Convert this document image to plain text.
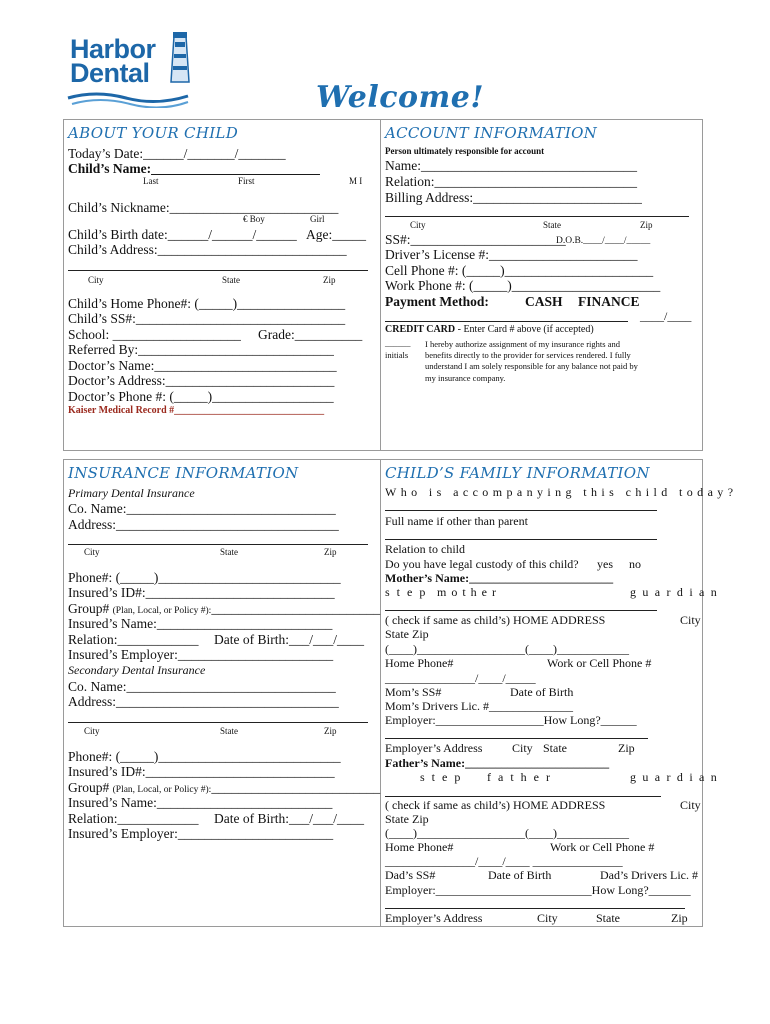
Harbor
Dental
Welcome!
ABOUT YOUR CHILD
Today’s Date:______/_______/_______
Child’s Name:_________________________
Last	First	M I
Child’s Nickname:_________________________
€ Boy	Girl
Child’s Birth date:______/______/______ Age:_____
Child’s Address:____________________________
City	State	Zip
Child’s Home Phone#: (_____)________________
Child’s SS#:_______________________________
School: ___________________ Grade:__________
Referred By:_____________________________
Doctor’s Name:___________________________
Doctor’s Address:_________________________
Doctor’s Phone #: (_____)__________________
Kaiser Medical Record #______________________________
ACCOUNT INFORMATION
Person ultimately responsible for account
Name:________________________________
Relation:______________________________
Billing Address:_________________________
City	State	Zip
SS#:_______________________
D.O.B.____/____/_____
Driver’s License #:______________________
Cell Phone #: (_____)______________________
Work Phone #: (_____)______________________
Payment Method:	CASH FINANCE
____/____
CREDIT CARD - Enter Card # above (if accepted)
______
initials
I hereby authorize assignment of my insurance rights and
benefits directly to the provider for services rendered. I fully
understand I am solely responsible for any balance not paid by
my insurance company.
INSURANCE INFORMATION
Primary Dental Insurance
Co. Name:_______________________________
Address:_________________________________
City	State	Zip
Phone#: (_____)___________________________
Insured’s ID#:____________________________
Group# (Plan, Local, or Policy #):_________________________
Insured’s Name:__________________________
Relation:____________ Date of Birth:___/___/____
Insured’s Employer:_______________________
Secondary Dental Insurance
Co. Name:_______________________________
Address:_________________________________
City	State	Zip
Phone#: (_____)___________________________
Insured’s ID#:____________________________
Group# (Plan, Local, or Policy #):_________________________
Insured’s Name:__________________________
Relation:____________ Date of Birth:___/___/____
Insured’s Employer:_______________________
CHILD’S FAMILY INFORMATION
Who is accompanying this child today?
Full name if other than parent
Relation to child
Do you have legal custody of this child? yes no
Mother’s Name:________________________
step mother	guardian
( check if same as child’s) HOME ADDRESS	City
State Zip
(____)__________________(____)____________
Home Phone#	Work or Cell Phone #
_______________/____/_____
Mom’s SS#	Date of Birth
Mom’s Drivers Lic. #______________
Employer:__________________How Long?______
Employer’s Address City State	Zip
Father’s Name:________________________
step father	guardian
( check if same as child’s) HOME ADDRESS	City
State Zip
(____)__________________(____)____________
Home Phone#	Work or Cell Phone #
_______________/____/____ _______________
Dad’s SS#	Date of Birth	Dad’s Drivers Lic. #
Employer:__________________________How Long?_______
Employer’s Address	City	State	Zip
